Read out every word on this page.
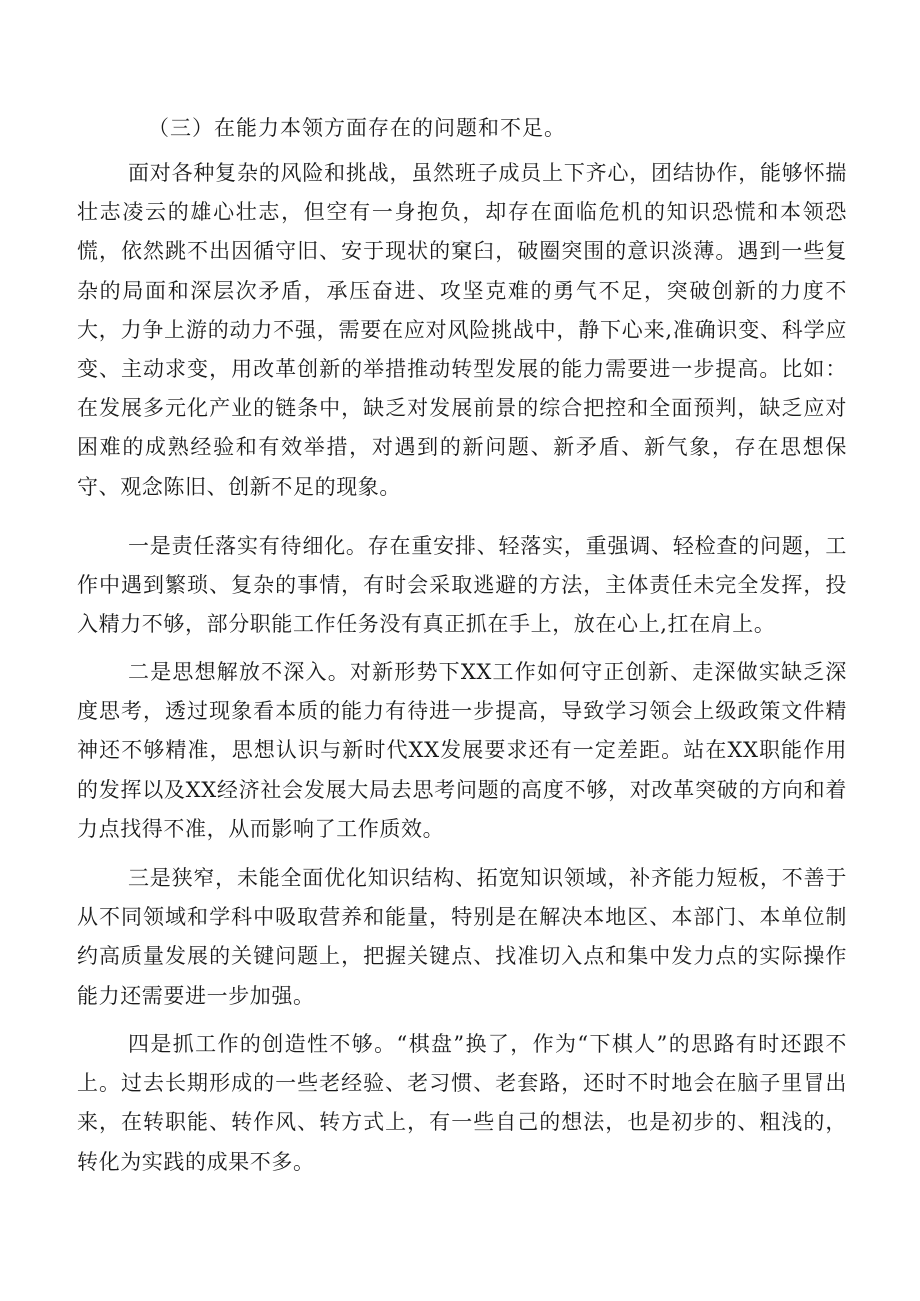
（三）在能力本领方面存在的问题和不足。

面对各种复杂的风险和挑战，虽然班子成员上下齐心，团结协作，能够怀揣壮志凌云的雄心壮志，但空有一身抱负，却存在面临危机的知识恐慌和本领恐慌，依然跳不出因循守旧、安于现状的窠臼，破圈突围的意识淡薄。遇到一些复杂的局面和深层次矛盾，承压奋进、攻坚克难的勇气不足，突破创新的力度不大，力争上游的动力不强，需要在应对风险挑战中，静下心来,准确识变、科学应变、主动求变，用改革创新的举措推动转型发展的能力需要进一步提高。比如：在发展多元化产业的链条中，缺乏对发展前景的综合把控和全面预判，缺乏应对困难的成熟经验和有效举措，对遇到的新问题、新矛盾、新气象，存在思想保守、观念陈旧、创新不足的现象。

一是责任落实有待细化。存在重安排、轻落实，重强调、轻检查的问题，工作中遇到繁琐、复杂的事情，有时会采取逃避的方法，主体责任未完全发挥，投入精力不够，部分职能工作任务没有真正抓在手上，放在心上,扛在肩上。

二是思想解放不深入。对新形势下XX工作如何守正创新、走深做实缺乏深度思考，透过现象看本质的能力有待进一步提高，导致学习领会上级政策文件精神还不够精准，思想认识与新时代XX发展要求还有一定差距。站在XX职能作用的发挥以及XX经济社会发展大局去思考问题的高度不够，对改革突破的方向和着力点找得不准，从而影响了工作质效。

三是狭窄，未能全面优化知识结构、拓宽知识领域，补齐能力短板，不善于从不同领域和学科中吸取营养和能量，特别是在解决本地区、本部门、本单位制约高质量发展的关键问题上，把握关键点、找准切入点和集中发力点的实际操作能力还需要进一步加强。

四是抓工作的创造性不够。“棋盘”换了，作为“下棋人”的思路有时还跟不上。过去长期形成的一些老经验、老习惯、老套路，还时不时地会在脑子里冒出来，在转职能、转作风、转方式上，有一些自己的想法，也是初步的、粗浅的，转化为实践的成果不多。
